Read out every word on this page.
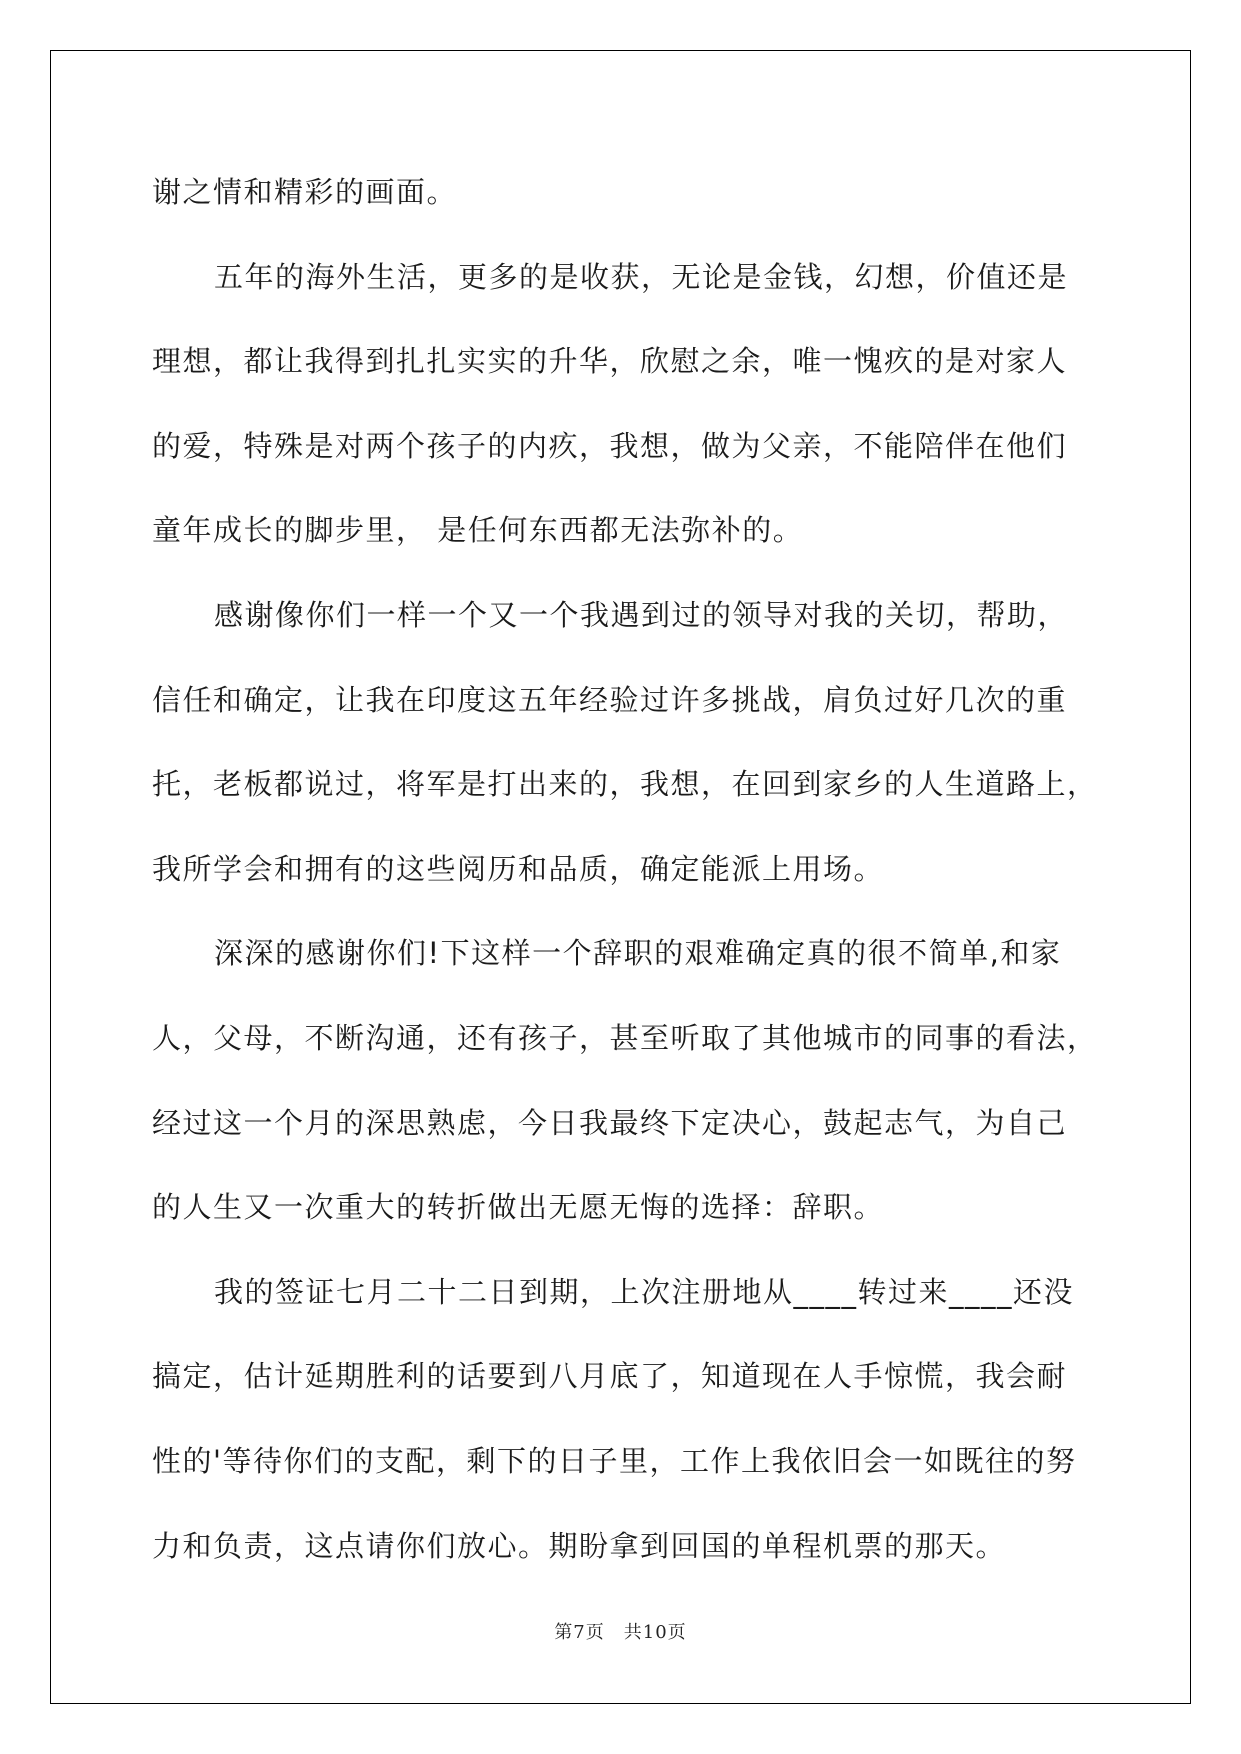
谢之情和精彩的画面。
五年的海外生活，更多的是收获，无论是金钱，幻想，价值还是
理想，都让我得到扎扎实实的升华，欣慰之余，唯一愧疚的是对家人
的爱，特殊是对两个孩子的内疚，我想，做为父亲，不能陪伴在他们
童年成长的脚步里， 是任何东西都无法弥补的。
感谢像你们一样一个又一个我遇到过的领导对我的关切，帮助，
信任和确定，让我在印度这五年经验过许多挑战，肩负过好几次的重
托，老板都说过，将军是打出来的，我想，在回到家乡的人生道路上，
我所学会和拥有的这些阅历和品质，确定能派上用场。
深深的感谢你们!下这样一个辞职的艰难确定真的很不简单,和家
人，父母，不断沟通，还有孩子，甚至听取了其他城市的同事的看法，
经过这一个月的深思熟虑，今日我最终下定决心，鼓起志气，为自己
的人生又一次重大的转折做出无愿无悔的选择：辞职。
我的签证七月二十二日到期，上次注册地从____转过来____还没
搞定，估计延期胜利的话要到八月底了，知道现在人手惊慌，我会耐
性的'等待你们的支配，剩下的日子里，工作上我依旧会一如既往的努
力和负责，这点请你们放心。期盼拿到回国的单程机票的那天。
第7页　共10页
